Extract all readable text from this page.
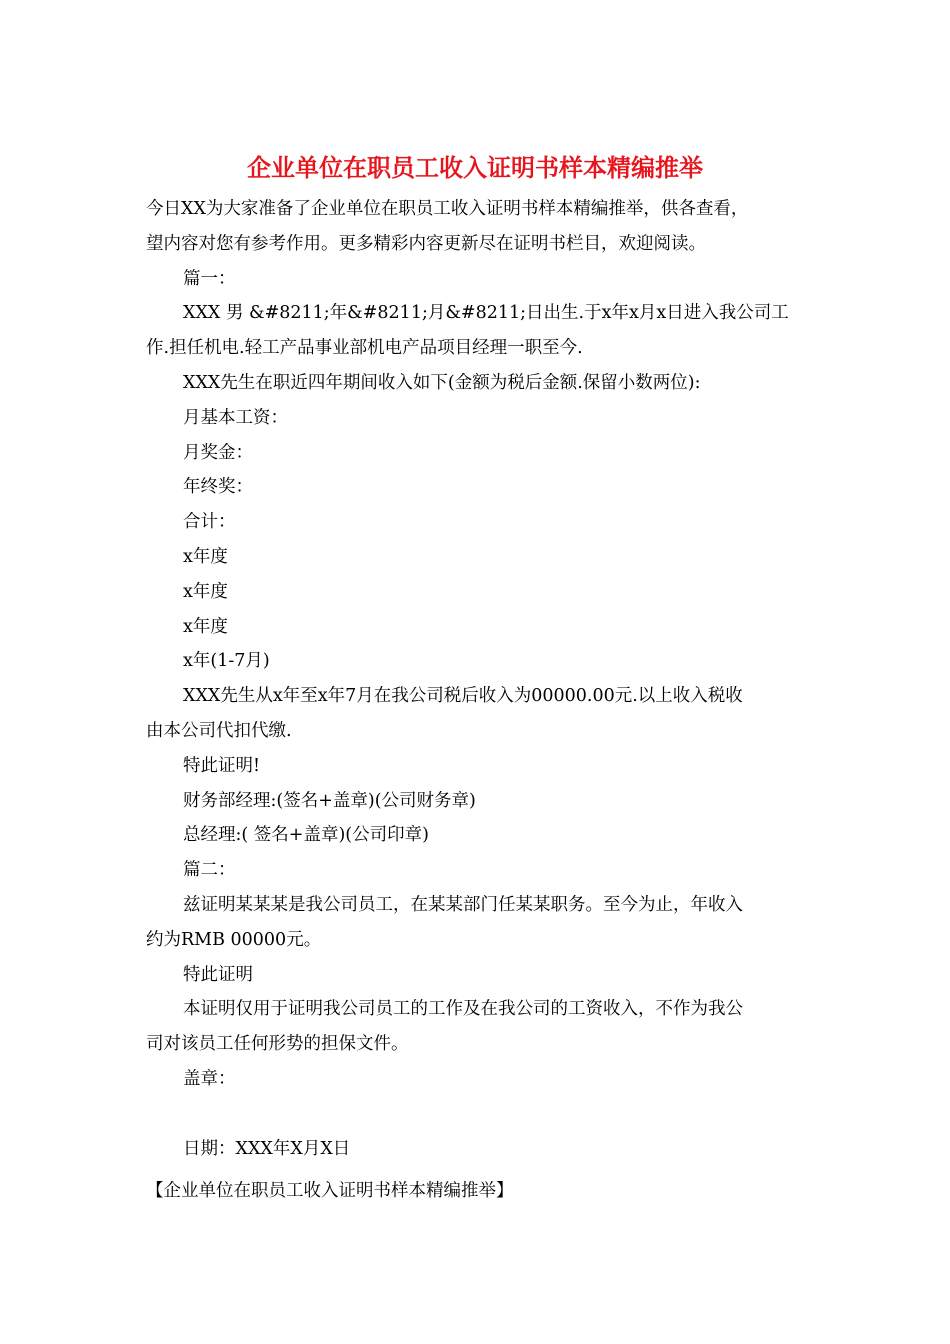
企业单位在职员工收入证明书样本精编推举
今日XX为大家准备了企业单位在职员工收入证明书样本精编推举，供各查看，
望内容对您有参考作用。更多精彩内容更新尽在证明书栏目，欢迎阅读。
篇一：
XXX 男 &#8211;年&#8211;月&#8211;日出生.于x年x月x日进入我公司工
作.担任机电.轻工产品事业部机电产品项目经理一职至今.
XXX先生在职近四年期间收入如下(金额为税后金额.保留小数两位):
月基本工资：
月奖金：
年终奖：
合计：
x年度
x年度
x年度
x年(1-7月)
XXX先生从x年至x年7月在我公司税后收入为00000.00元.以上收入税收
由本公司代扣代缴.
特此证明!
财务部经理:(签名+盖章)(公司财务章)
总经理:( 签名+盖章)(公司印章)
篇二：
兹证明某某某是我公司员工，在某某部门任某某职务。至今为止，年收入
约为RMB 00000元。
特此证明
本证明仅用于证明我公司员工的工作及在我公司的工资收入，不作为我公
司对该员工任何形势的担保文件。
盖章：
日期：XXX年X月X日
【企业单位在职员工收入证明书样本精编推举】
